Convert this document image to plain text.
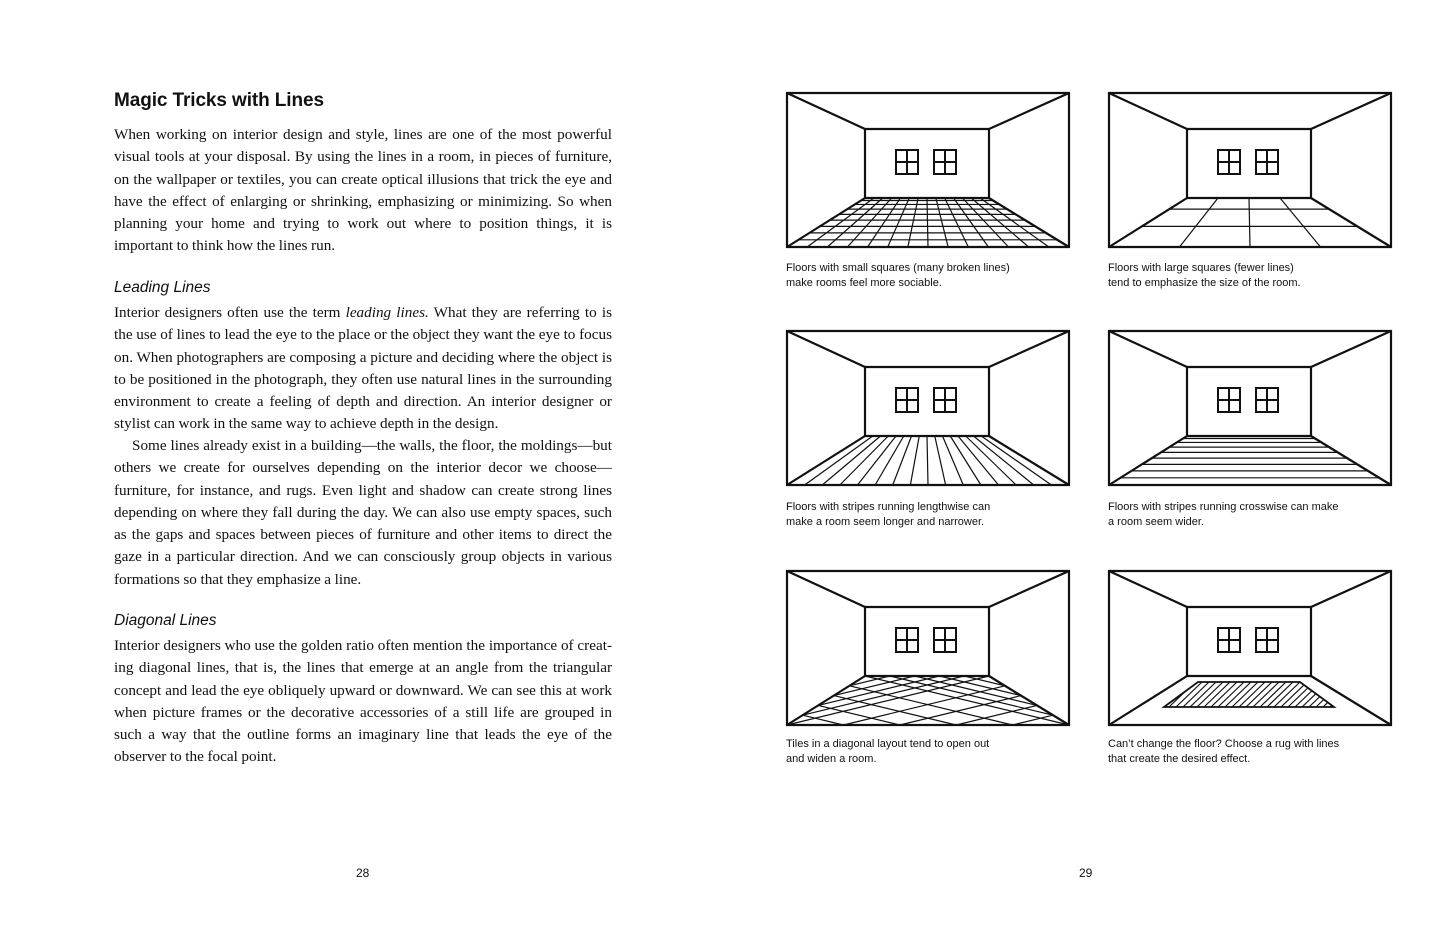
Magic Tricks with Lines

When working on interior design and style, lines are one of the most powerful visual tools at your disposal. By using the lines in a room, in pieces of furniture, on the wallpaper or textiles, you can create optical illusions that trick the eye and have the effect of enlarging or shrinking, emphasizing or minimizing. So when planning your home and trying to work out where to position things, it is important to think how the lines run.

Leading Lines

Interior designers often use the term leading lines. What they are referring to is the use of lines to lead the eye to the place or the object they want the eye to focus on. When photographers are composing a picture and deciding where the object is to be positioned in the photograph, they often use natural lines in the surrounding environment to create a feeling of depth and direction. An interior designer or stylist can work in the same way to achieve depth in the design.

Some lines already exist in a building—the walls, the floor, the moldings—but others we create for ourselves depending on the interior decor we choose—furniture, for instance, and rugs. Even light and shadow can create strong lines depending on where they fall during the day. We can also use empty spaces, such as the gaps and spaces between pieces of furniture and other items to direct the gaze in a particular direction. And we can consciously group objects in various formations so that they emphasize a line.

Diagonal Lines

Interior designers who use the golden ratio often mention the importance of creating diagonal lines, that is, the lines that emerge at an angle from the triangular concept and lead the eye obliquely upward or downward. We can see this at work when picture frames or the decorative accessories of a still life are grouped in such a way that the outline forms an imaginary line that leads the eye of the observer to the focal point.

28
Floors with small squares (many broken lines)
make rooms feel more sociable.
Floors with large squares (fewer lines)
tend to emphasize the size of the room.
Floors with stripes running lengthwise can
make a room seem longer and narrower.
Floors with stripes running crosswise can make
a room seem wider.
Tiles in a diagonal layout tend to open out
and widen a room.
Can’t change the floor? Choose a rug with lines
that create the desired effect.
29
